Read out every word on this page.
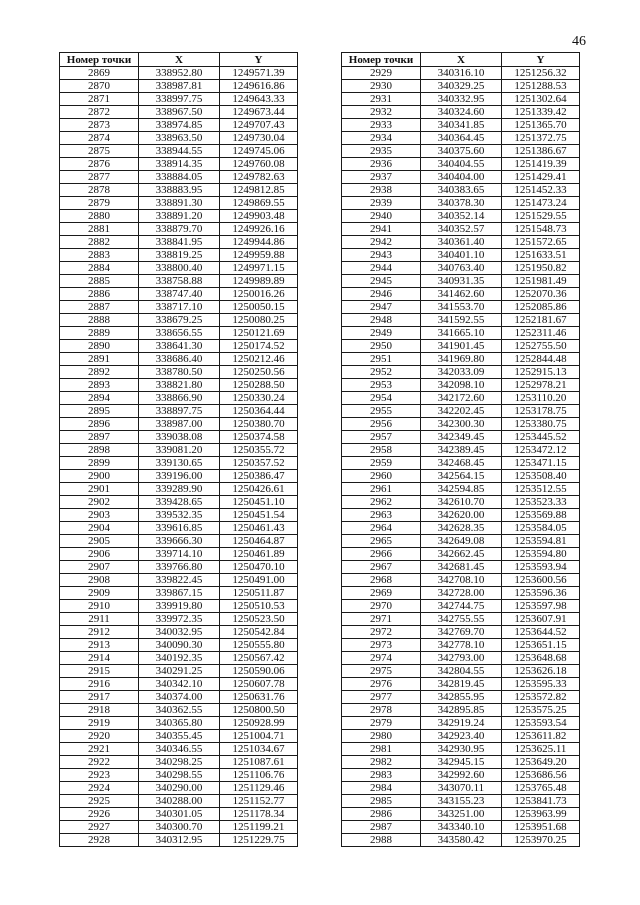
46
Номер точки	X	Y
2869	338952.80	1249571.39
2870	338987.81	1249616.86
2871	338997.75	1249643.33
2872	338967.50	1249673.44
2873	338974.85	1249707.43
2874	338963.50	1249730.04
2875	338944.55	1249745.06
2876	338914.35	1249760.08
2877	338884.05	1249782.63
2878	338883.95	1249812.85
2879	338891.30	1249869.55
2880	338891.20	1249903.48
2881	338879.70	1249926.16
2882	338841.95	1249944.86
2883	338819.25	1249959.88
2884	338800.40	1249971.15
2885	338758.88	1249989.89
2886	338747.40	1250016.26
2887	338717.10	1250050.15
2888	338679.25	1250080.25
2889	338656.55	1250121.69
2890	338641.30	1250174.52
2891	338686.40	1250212.46
2892	338780.50	1250250.56
2893	338821.80	1250288.50
2894	338866.90	1250330.24
2895	338897.75	1250364.44
2896	338987.00	1250380.70
2897	339038.08	1250374.58
2898	339081.20	1250355.72
2899	339130.65	1250357.52
2900	339196.00	1250386.47
2901	339289.90	1250426.61
2902	339428.65	1250451.10
2903	339532.35	1250451.54
2904	339616.85	1250461.43
2905	339666.30	1250464.87
2906	339714.10	1250461.89
2907	339766.80	1250470.10
2908	339822.45	1250491.00
2909	339867.15	1250511.87
2910	339919.80	1250510.53
2911	339972.35	1250523.50
2912	340032.95	1250542.84
2913	340090.30	1250555.80
2914	340192.35	1250567.42
2915	340291.25	1250590.06
2916	340342.10	1250607.78
2917	340374.00	1250631.76
2918	340362.55	1250800.50
2919	340365.80	1250928.99
2920	340355.45	1251004.71
2921	340346.55	1251034.67
2922	340298.25	1251087.61
2923	340298.55	1251106.76
2924	340290.00	1251129.46
2925	340288.00	1251152.77
2926	340301.05	1251178.34
2927	340300.70	1251199.21
2928	340312.95	1251229.75
Номер точки	X	Y
2929	340316.10	1251256.32
2930	340329.25	1251288.53
2931	340332.95	1251302.64
2932	340324.60	1251339.42
2933	340341.85	1251365.70
2934	340364.45	1251372.75
2935	340375.60	1251386.67
2936	340404.55	1251419.39
2937	340404.00	1251429.41
2938	340383.65	1251452.33
2939	340378.30	1251473.24
2940	340352.14	1251529.55
2941	340352.57	1251548.73
2942	340361.40	1251572.65
2943	340401.10	1251633.51
2944	340763.40	1251950.82
2945	340931.35	1251981.49
2946	341462.60	1252070.36
2947	341553.70	1252085.86
2948	341592.55	1252181.67
2949	341665.10	1252311.46
2950	341901.45	1252755.50
2951	341969.80	1252844.48
2952	342033.09	1252915.13
2953	342098.10	1252978.21
2954	342172.60	1253110.20
2955	342202.45	1253178.75
2956	342300.30	1253380.75
2957	342349.45	1253445.52
2958	342389.45	1253472.12
2959	342468.45	1253471.15
2960	342564.15	1253508.40
2961	342594.85	1253512.55
2962	342610.70	1253523.33
2963	342620.00	1253569.88
2964	342628.35	1253584.05
2965	342649.08	1253594.81
2966	342662.45	1253594.80
2967	342681.45	1253593.94
2968	342708.10	1253600.56
2969	342728.00	1253596.36
2970	342744.75	1253597.98
2971	342755.55	1253607.91
2972	342769.70	1253644.52
2973	342778.10	1253651.15
2974	342793.00	1253648.68
2975	342804.55	1253626.18
2976	342819.45	1253595.33
2977	342855.95	1253572.82
2978	342895.85	1253575.25
2979	342919.24	1253593.54
2980	342923.40	1253611.82
2981	342930.95	1253625.11
2982	342945.15	1253649.20
2983	342992.60	1253686.56
2984	343070.11	1253765.48
2985	343155.23	1253841.73
2986	343251.00	1253963.99
2987	343340.10	1253951.68
2988	343580.42	1253970.25
